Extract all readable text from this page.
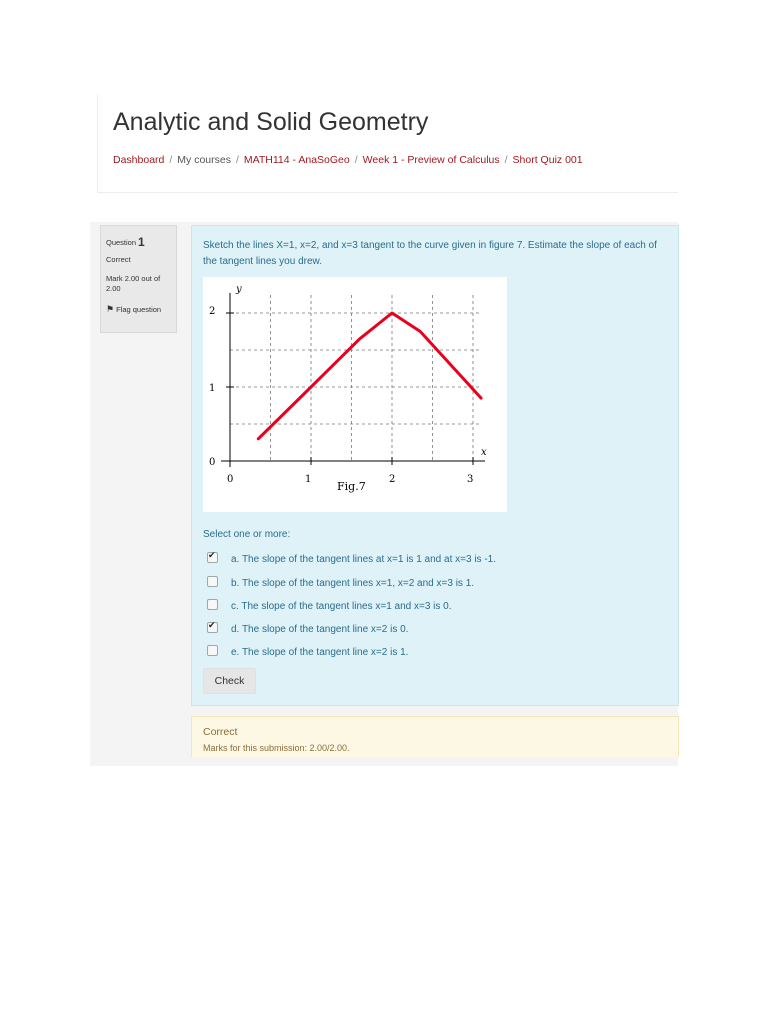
Analytic and Solid Geometry
Dashboard / My courses / MATH114 - AnaSoGeo / Week 1 - Preview of Calculus / Short Quiz 001
Question 1
Correct
Mark 2.00 out of 2.00
⚑ Flag question
Sketch the lines X=1, x=2, and x=3 tangent to the curve given in figure 7. Estimate the slope of each of the tangent lines you drew.
y
x
0	1	2	3
0
1
2
Fig.7
Select one or more:
✔a. The slope of the tangent lines at x=1 is 1 and at x=3 is -1.
b. The slope of the tangent lines x=1, x=2 and x=3 is 1.
c. The slope of the tangent lines x=1 and x=3 is 0.
✔d. The slope of the tangent line x=2 is 0.
e. The slope of the tangent line x=2 is 1.
Check
Correct
Marks for this submission: 2.00/2.00.
